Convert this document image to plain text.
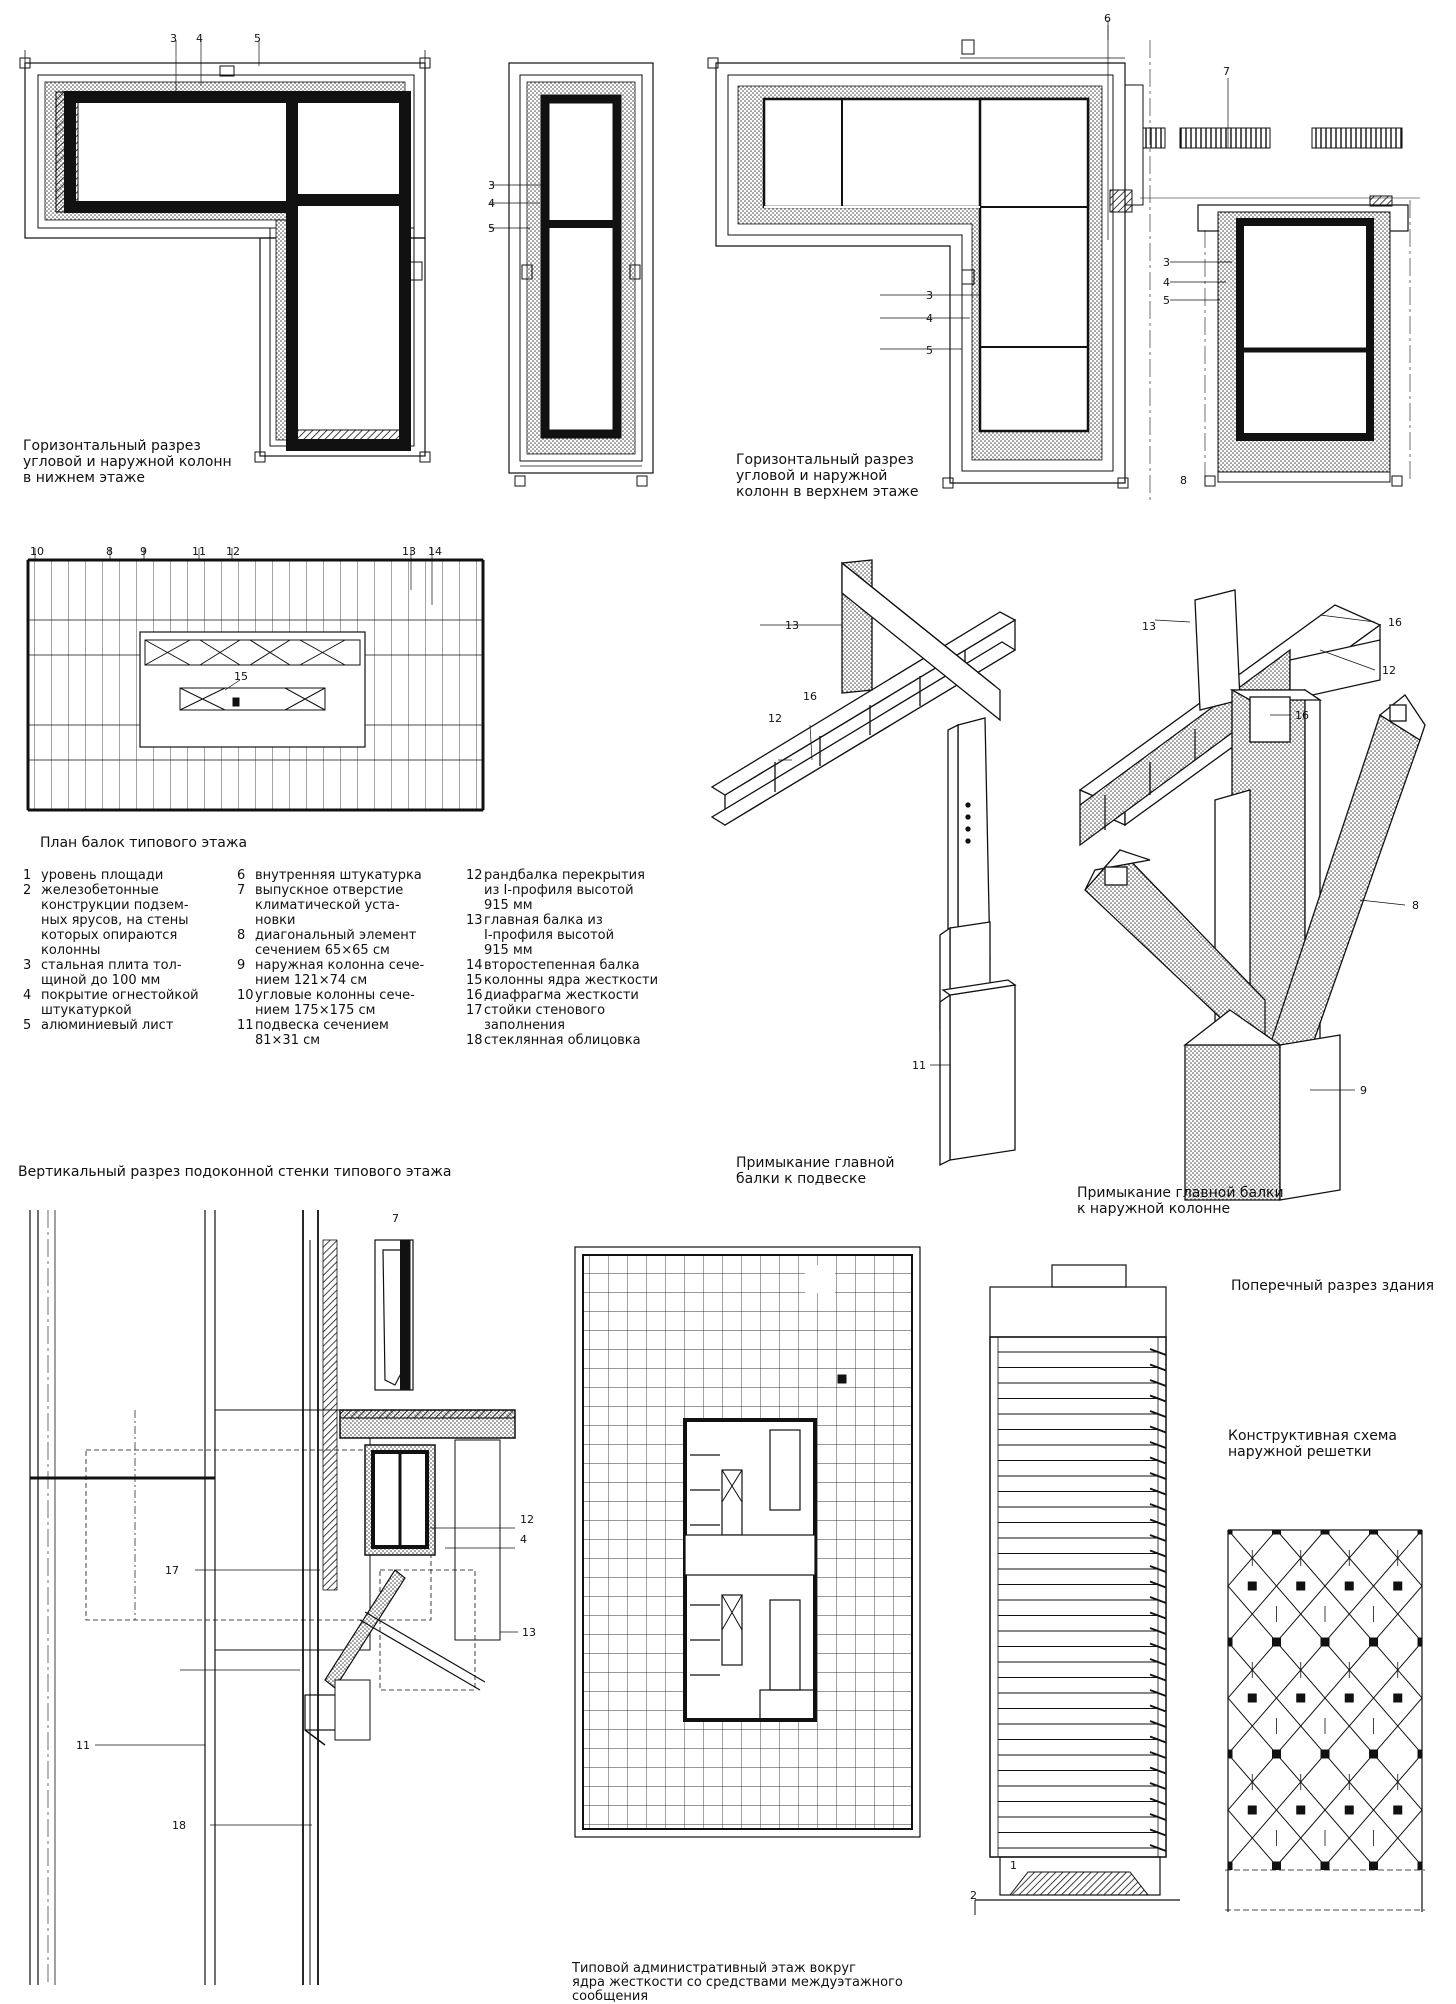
3 4	5
3
4
5
6
3
4
5
7
3
4
5
8
10	8 9	11 12	13 14
15
13
12
16
11
13	16
12
16
8
9
7
12
4
17
13
11
18
1
2

Горизонтальный разрез
угловой и наружной колонн
в нижнем этаже

Горизонтальный разрез
угловой и наружной
колонн в верхнем этаже

План балок типового этажа

Вертикальный разрез подоконной стенки типового этажа

Примыкание главной
балки к подвеске

Примыкание главной балки
к наружной колонне

Типовой административный этаж вокруг
ядра жесткости со средствами междуэтажного
сообщения

Поперечный разрез здания

Конструктивная схема
наружной решетки

1 уровень площади
2 железобетонные
конструкции подзем-
ных ярусов, на стены
которых опираются
колонны
3 стальная плита тол-
щиной до 100 мм
4 покрытие огнестойкой
штукатуркой
5 алюминиевый лист
6 внутренняя штукатурка
7 выпускное отверстие
климатической уста-
новки
8 диагональный элемент
сечением 65×65 см
9 наружная колонна сече-
нием 121×74 см
10 угловые колонны сече-
нием 175×175 см
11 подвеска сечением
81×31 см
12 рандбалка перекрытия
из I-профиля высотой
915 мм
13 главная балка из
I-профиля высотой
915 мм
14 второстепенная балка
15 колонны ядра жесткости
16 диафрагма жесткости
17 стойки стенового
заполнения
18 стеклянная облицовка
